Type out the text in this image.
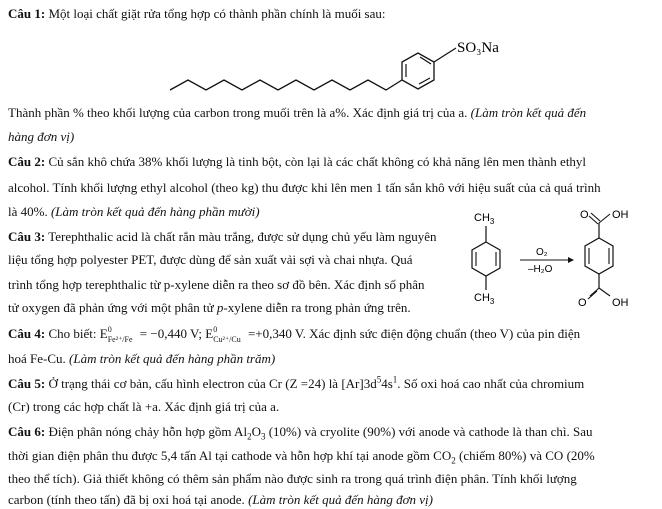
Câu 1: Một loại chất giặt rửa tổng hợp có thành phần chính là muối sau:
SO₃Na
Thành phần % theo khối lượng của carbon trong muối trên là a%. Xác định giá trị của a. (Làm tròn kết quả đến
hàng đơn vị)
Câu 2: Củ sắn khô chứa 38% khối lượng là tinh bột, còn lại là các chất không có khả năng lên men thành ethyl
alcohol. Tính khối lượng ethyl alcohol (theo kg) thu được khi lên men 1 tấn sắn khô với hiệu suất của cả quá trình
là 40%. (Làm tròn kết quả đến hàng phần mười)
Câu 3: Terephthalic acid là chất rắn màu trắng, được sử dụng chủ yếu làm nguyên
liệu tổng hợp polyester PET, được dùng để sản xuất vải sợi và chai nhựa. Quá
trình tổng hợp terephthalic từ p-xylene diễn ra theo sơ đồ bên. Xác định số phân
tử oxygen đã phản ứng với một phân tử p-xylene diễn ra trong phản ứng trên.
$CH_3$
$CH_3$
O₂
–H₂O
O OH
O OH
Câu 4: Cho biết: E0Fe²⁺/Fe = −0,440 V; E0Cu²⁺/Cu =+0,340 V. Xác định sức điện động chuẩn (theo V) của pin điện
hoá Fe-Cu. (Làm tròn kết quả đến hàng phần trăm)
Câu 5: Ở trạng thái cơ bản, cấu hình electron của Cr (Z =24) là $[Ar]3d^54s^1$. Số oxi hoá cao nhất của chromium
(Cr) trong các hợp chất là +a. Xác định giá trị của a.
Câu 6: Điện phân nóng chảy hỗn hợp gồm $Al_2O_3$ (10%) và cryolite (90%) với anode và cathode là than chì. Sau
thời gian điện phân thu được 5,4 tấn Al tại cathode và hỗn hợp khí tại anode gồm $CO_2$ (chiếm 80%) và CO (20%
theo thể tích). Giả thiết không có thêm sản phẩm nào được sinh ra trong quá trình điện phân. Tính khối lượng
carbon (tính theo tấn) đã bị oxi hoá tại anode. (Làm tròn kết quả đến hàng đơn vị)
